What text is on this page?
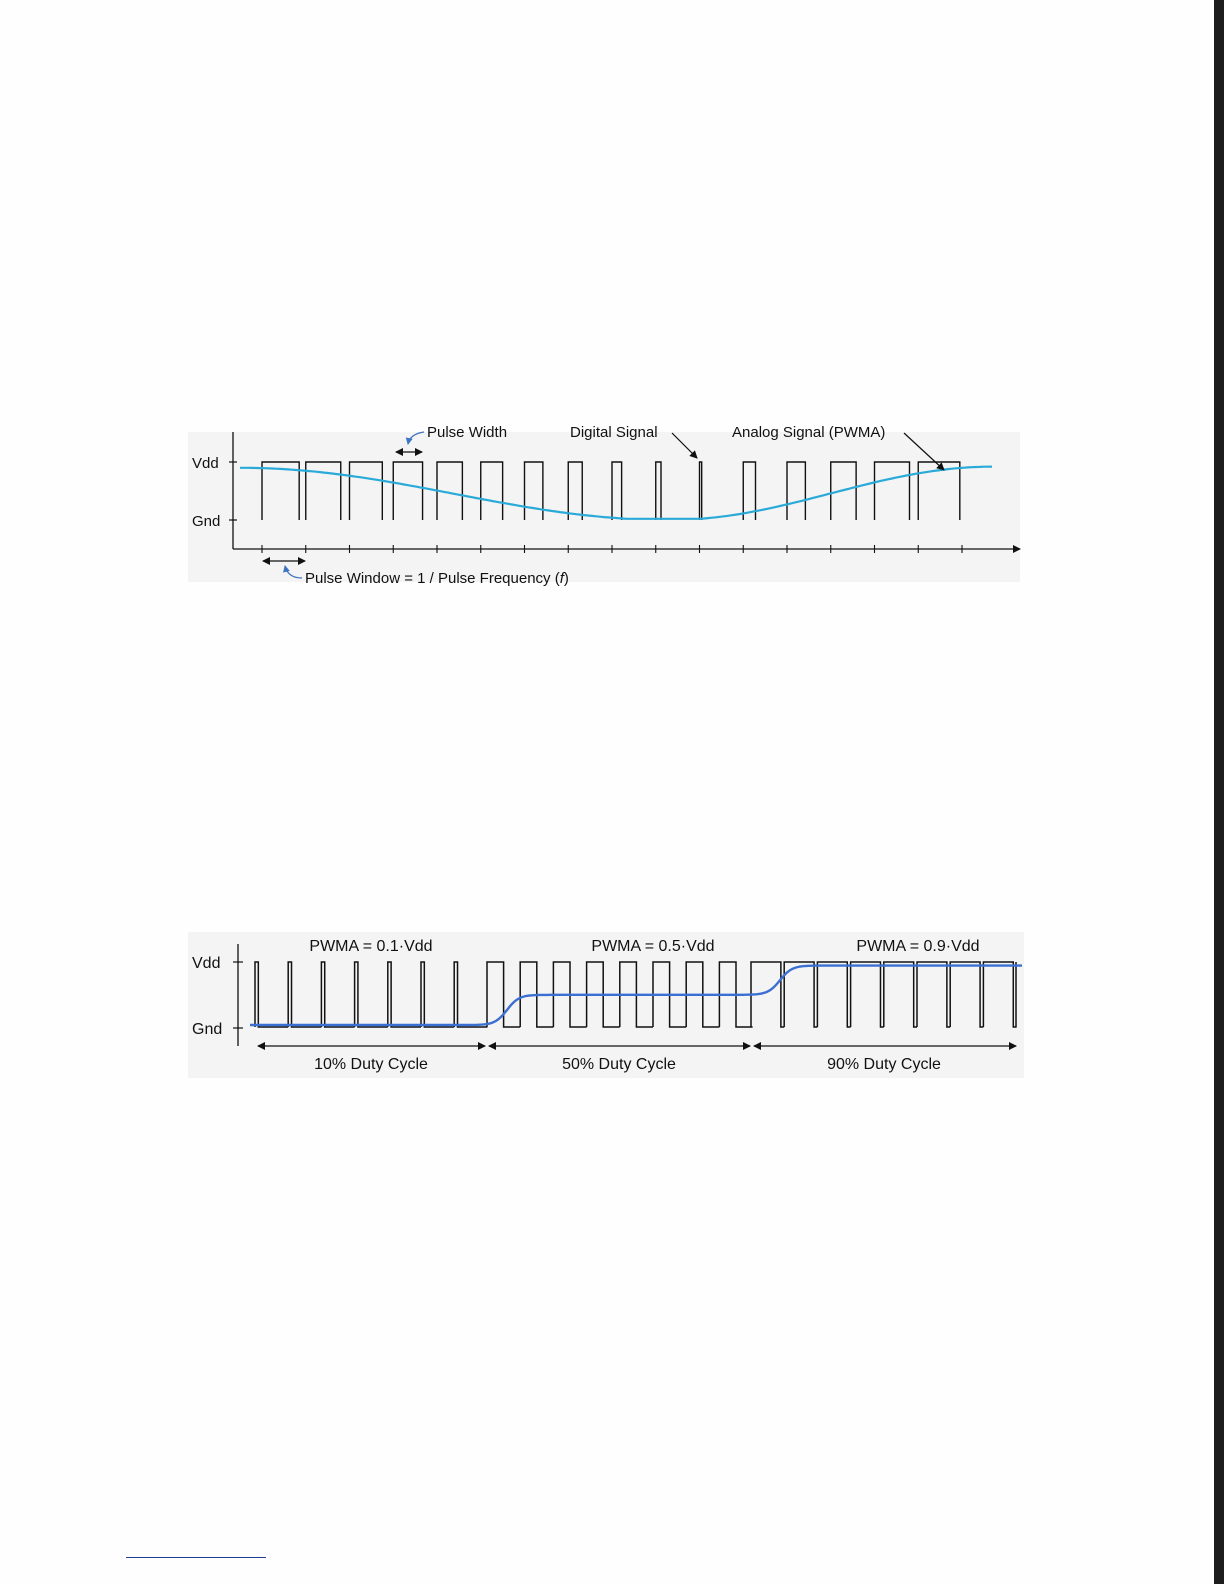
Vdd
Gnd
Pulse Width	Digital Signal	Analog Signal (PWMA)
Pulse Window = 1 / Pulse Frequency (f)
Vdd
Gnd
PWMA = 0.1·Vdd	PWMA = 0.5·Vdd	PWMA = 0.9·Vdd
10% Duty Cycle	50% Duty Cycle	90% Duty Cycle
